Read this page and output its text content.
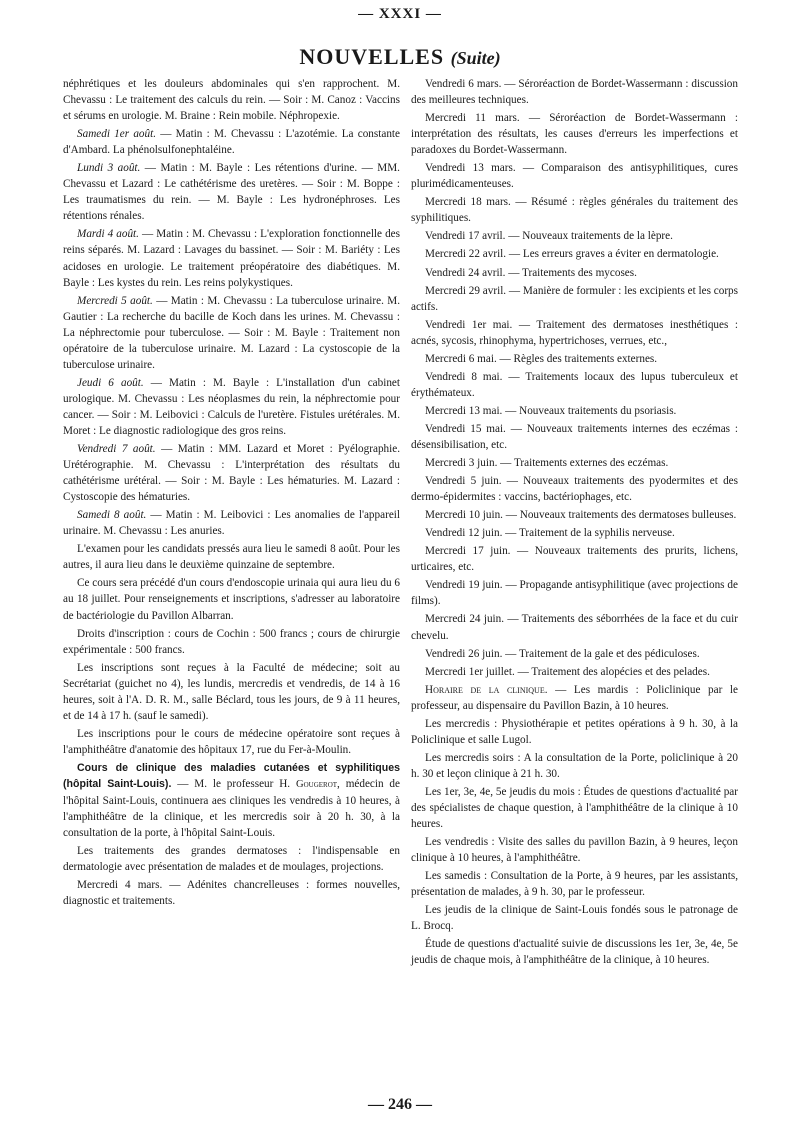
— XXXI —
NOUVELLES (Suite)

néphrétiques et les douleurs abdominales qui s'en rapprochent. M. Chevassu : Le traitement des calculs du rein. — Soir : M. Canoz : Vaccins et sérums en urologie. M. Braine : Rein mobile. Néphropexie.

Samedi 1er août. — Matin : M. Chevassu : L'azotémie. La constante d'Ambard. La phénolsulfonephtaléine.

Lundi 3 août. — Matin : M. Bayle : Les rétentions d'urine. — MM. Chevassu et Lazard : Le cathétérisme des uretères. — Soir : M. Boppe : Les traumatismes du rein. — M. Bayle : Les hydronéphroses. Les rétentions rénales.

Mardi 4 août. — Matin : M. Chevassu : L'exploration fonctionnelle des reins séparés. M. Lazard : Lavages du bassinet. — Soir : M. Bariéty : Les acidoses en urologie. Le traitement préopératoire des diabétiques. M. Bayle : Les kystes du rein. Les reins polykystiques.

Mercredi 5 août. — Matin : M. Chevassu : La tuberculose urinaire. M. Gautier : La recherche du bacille de Koch dans les urines. M. Chevassu : La néphrectomie pour tuberculose. — Soir : M. Bayle : Traitement non opératoire de la tuberculose urinaire. M. Lazard : La cystoscopie de la tuberculose urinaire.

Jeudi 6 août. — Matin : M. Bayle : L'installation d'un cabinet urologique. M. Chevassu : Les néoplasmes du rein, la néphrectomie pour cancer. — Soir : M. Leibovici : Calculs de l'uretère. Fistules urétérales. M. Moret : Le diagnostic radiologique des gros reins.

Vendredi 7 août. — Matin : MM. Lazard et Moret : Pyélographie. Urétérographie. M. Chevassu : L'interprétation des résultats du cathétérisme urétéral. — Soir : M. Bayle : Les hématuries. M. Lazard : Cystoscopie des hématuries.

Samedi 8 août. — Matin : M. Leibovici : Les anomalies de l'appareil urinaire. M. Chevassu : Les anuries.

L'examen pour les candidats pressés aura lieu le samedi 8 août. Pour les autres, il aura lieu dans le deuxième quinzaine de septembre.

Ce cours sera précédé d'un cours d'endoscopie urinaia qui aura lieu du 6 au 18 juillet. Pour renseignements et inscriptions, s'adresser au laboratoire de bactériologie du Pavillon Albarran.

Droits d'inscription : cours de Cochin : 500 francs ; cours de chirurgie expérimentale : 500 francs.

Les inscriptions sont reçues à la Faculté de médecine; soit au Secrétariat (guichet no 4), les lundis, mercredis et vendredis, de 14 à 16 heures, soit à l'A. D. R. M., salle Béclard, tous les jours, de 9 à 11 heures, et de 14 à 17 h. (sauf le samedi).

Les inscriptions pour le cours de médecine opératoire sont reçues à l'amphithéâtre d'anatomie des hôpitaux 17, rue du Fer-à-Moulin.

Cours de clinique des maladies cutanées et syphilitiques (hôpital Saint-Louis). — M. le professeur H. Gougerot, médecin de l'hôpital Saint-Louis, continuera aes cliniques les vendredis à 10 heures, à l'amphithéâtre de la clinique, et les mercredis soir à 20 h. 30, à la consultation de la porte, à l'hôpital Saint-Louis.

Les traitements des grandes dermatoses : l'indispensable en dermatologie avec présentation de malades et de moulages, projections.

Mercredi 4 mars. — Adénites chancrelleuses : formes nouvelles, diagnostic et traitements.

Vendredi 6 mars. — Séroréaction de Bordet-Wassermann : discussion des meilleures techniques.

Mercredi 11 mars. — Séroréaction de Bordet-Wassermann : interprétation des résultats, les causes d'erreurs les imperfections et paradoxes du Bordet-Wassermann.

Vendredi 13 mars. — Comparaison des antisyphilitiques, cures plurimédicamenteuses.

Mercredi 18 mars. — Résumé : règles générales du traitement des syphilitiques.

Vendredi 17 avril. — Nouveaux traitements de la lèpre.

Mercredi 22 avril. — Les erreurs graves a éviter en dermatologie.

Vendredi 24 avril. — Traitements des mycoses.

Mercredi 29 avril. — Manière de formuler : les excipients et les corps actifs.

Vendredi 1er mai. — Traitement des dermatoses inesthétiques : acnés, sycosis, rhinophyma, hypertrichoses, verrues, etc.,

Mercredi 6 mai. — Règles des traitements externes.

Vendredi 8 mai. — Traitements locaux des lupus tuberculeux et érythémateux.

Mercredi 13 mai. — Nouveaux traitements du psoriasis.

Vendredi 15 mai. — Nouveaux traitements internes des eczémas : désensibilisation, etc.

Mercredi 3 juin. — Traitements externes des eczémas.

Vendredi 5 juin. — Nouveaux traitements des pyodermites et des dermo-épidermites : vaccins, bactériophages, etc.

Mercredi 10 juin. — Nouveaux traitements des dermatoses bulleuses.

Vendredi 12 juin. — Traitement de la syphilis nerveuse.

Mercredi 17 juin. — Nouveaux traitements des prurits, lichens, urticaires, etc.

Vendredi 19 juin. — Propagande antisyphilitique (avec projections de films).

Mercredi 24 juin. — Traitements des séborrhées de la face et du cuir chevelu.

Vendredi 26 juin. — Traitement de la gale et des pédiculoses.

Mercredi 1er juillet. — Traitement des alopécies et des pelades.

Horaire de la clinique. — Les mardis : Policlinique par le professeur, au dispensaire du Pavillon Bazin, à 10 heures.

Les mercredis : Physiothérapie et petites opérations à 9 h. 30, à la Policlinique et salle Lugol.

Les mercredis soirs : A la consultation de la Porte, policlinique à 20 h. 30 et leçon clinique à 21 h. 30.

Les 1er, 3e, 4e, 5e jeudis du mois : Études de questions d'actualité par des spécialistes de chaque question, à l'amphithéâtre de la clinique à 10 heures.

Les vendredis : Visite des salles du pavillon Bazin, à 9 heures, leçon clinique à 10 heures, à l'amphithéâtre.

Les samedis : Consultation de la Porte, à 9 heures, par les assistants, présentation de malades, à 9 h. 30, par le professeur.

Les jeudis de la clinique de Saint-Louis fondés sous le patronage de L. Brocq.

Étude de questions d'actualité suivie de discussions les 1er, 3e, 4e, 5e jeudis de chaque mois, à l'amphithéâtre de la clinique, à 10 heures.

— 246 —
